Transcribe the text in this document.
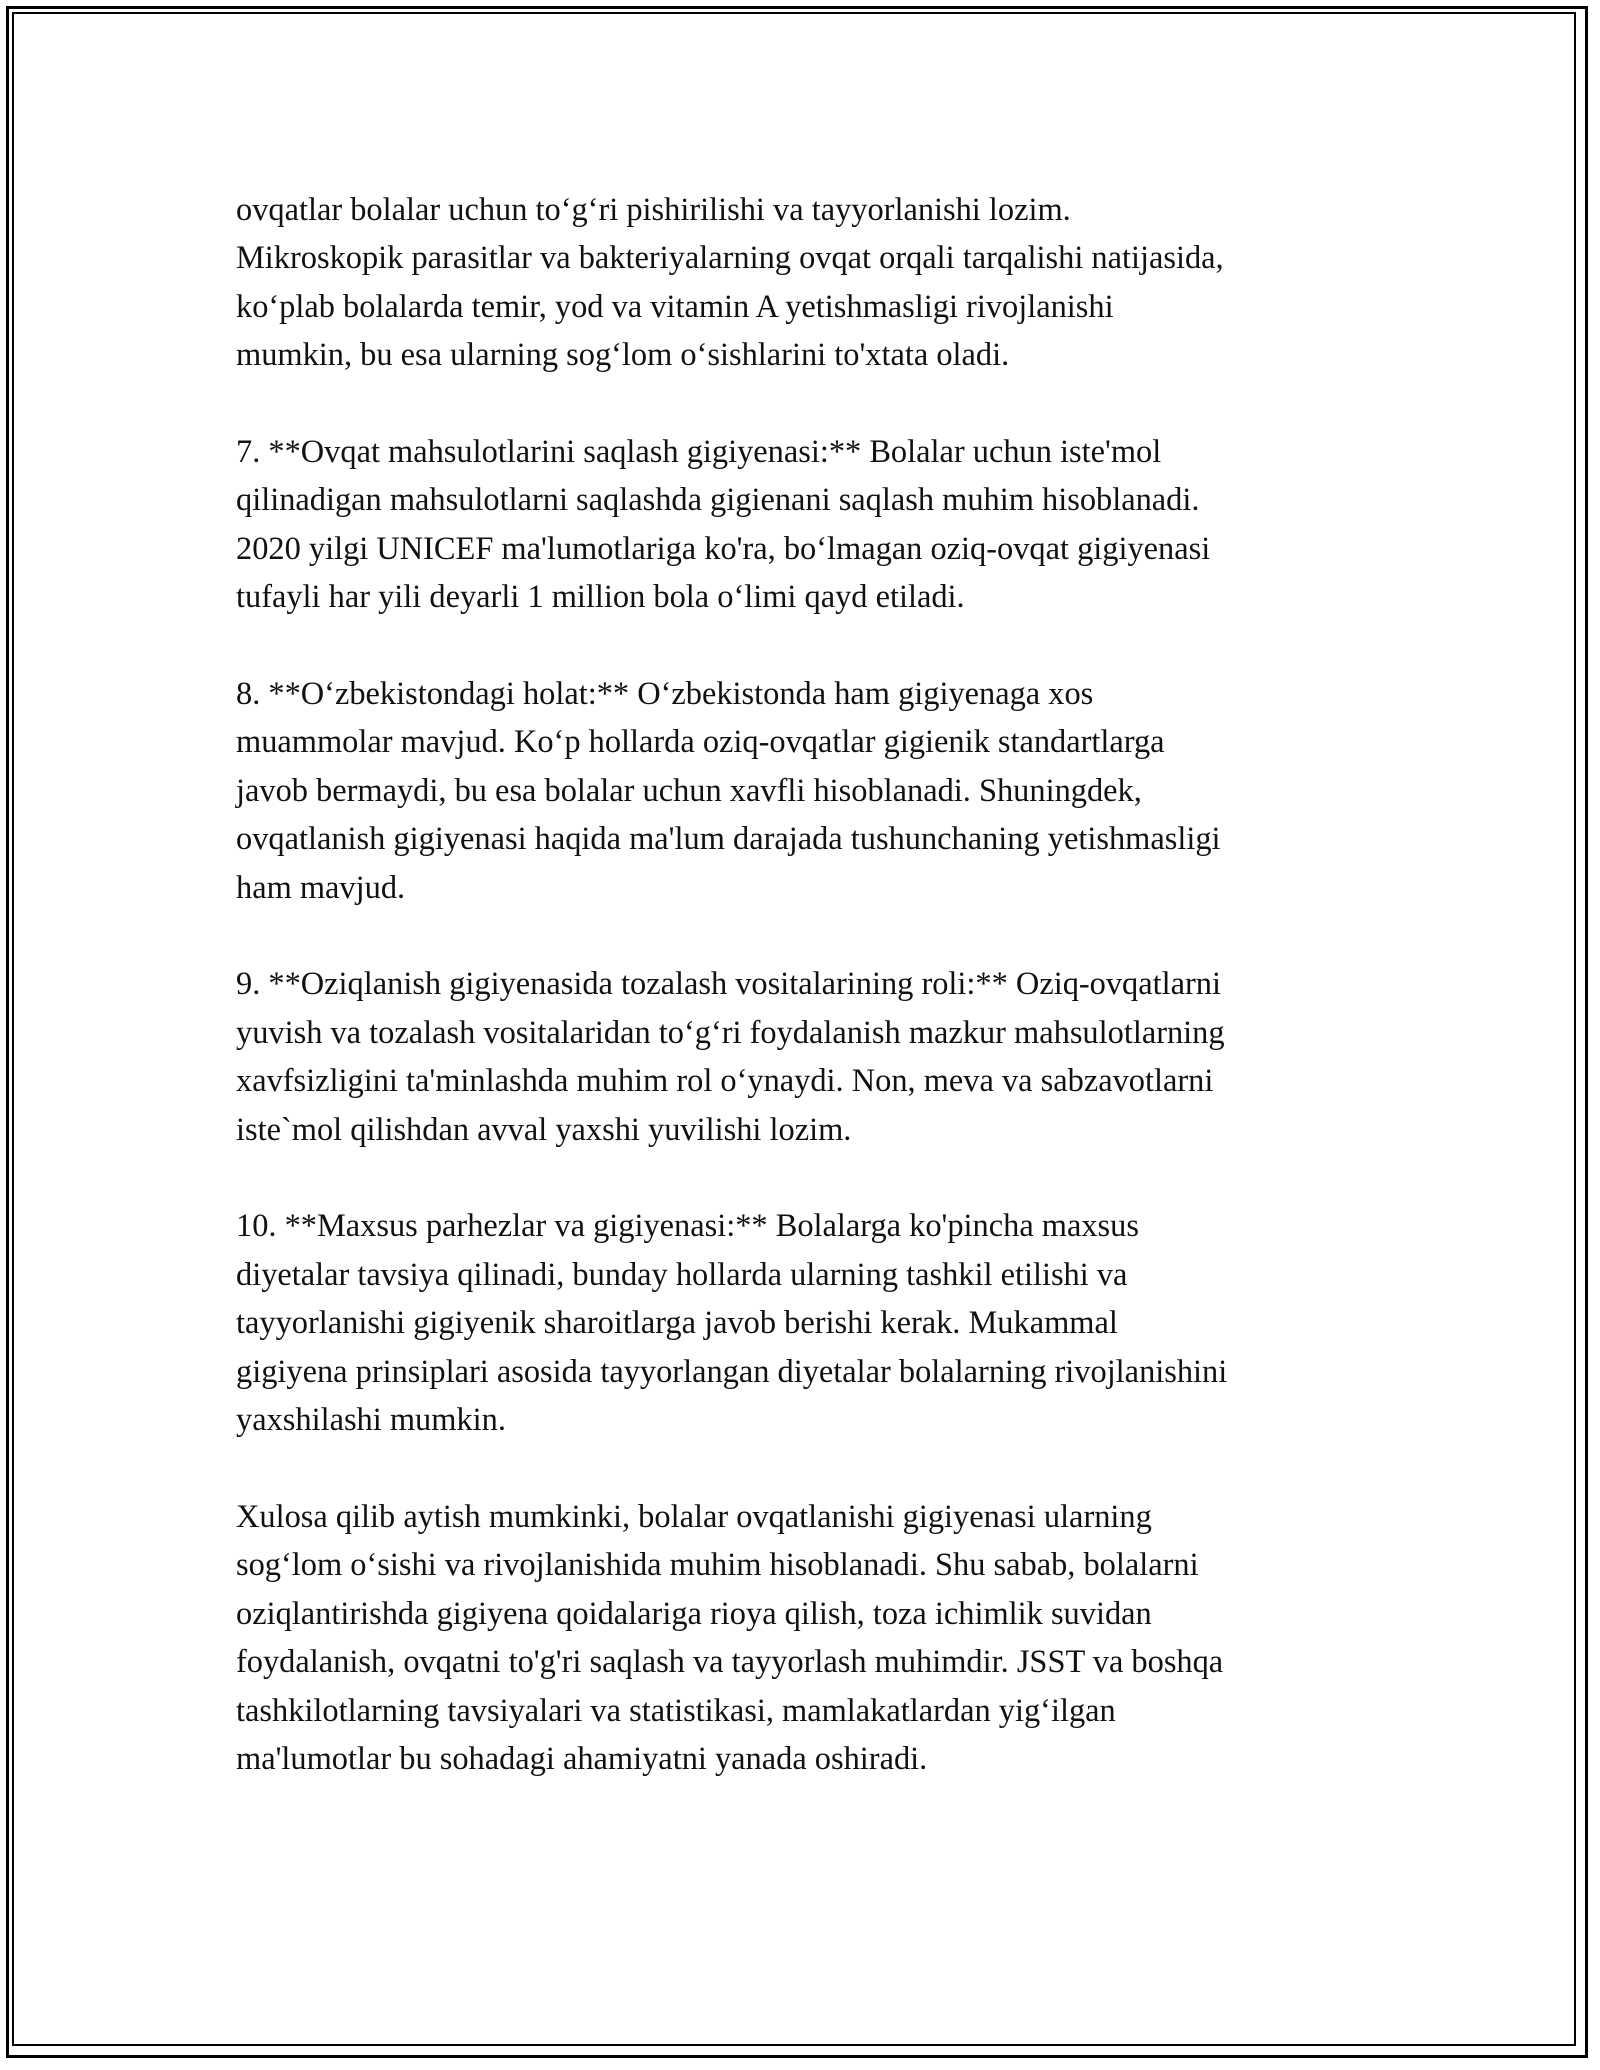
ovqatlar bolalar uchun to‘g‘ri pishirilishi va tayyorlanishi lozim.
Mikroskopik parasitlar va bakteriyalarning ovqat orqali tarqalishi natijasida,
ko‘plab bolalarda temir, yod va vitamin A yetishmasligi rivojlanishi
mumkin, bu esa ularning sog‘lom o‘sishlarini to'xtata oladi.

7. **Ovqat mahsulotlarini saqlash gigiyenasi:** Bolalar uchun iste'mol
qilinadigan mahsulotlarni saqlashda gigienani saqlash muhim hisoblanadi.
2020 yilgi UNICEF ma'lumotlariga ko'ra, bo‘lmagan oziq-ovqat gigiyenasi
tufayli har yili deyarli 1 million bola o‘limi qayd etiladi.

8. **O‘zbekistondagi holat:** O‘zbekistonda ham gigiyenaga xos
muammolar mavjud. Ko‘p hollarda oziq-ovqatlar gigienik standartlarga
javob bermaydi, bu esa bolalar uchun xavfli hisoblanadi. Shuningdek,
ovqatlanish gigiyenasi haqida ma'lum darajada tushunchaning yetishmasligi
ham mavjud.

9. **Oziqlanish gigiyenasida tozalash vositalarining roli:** Oziq-ovqatlarni
yuvish va tozalash vositalaridan to‘g‘ri foydalanish mazkur mahsulotlarning
xavfsizligini ta'minlashda muhim rol o‘ynaydi. Non, meva va sabzavotlarni
iste`mol qilishdan avval yaxshi yuvilishi lozim.

10. **Maxsus parhezlar va gigiyenasi:** Bolalarga ko'pincha maxsus
diyetalar tavsiya qilinadi, bunday hollarda ularning tashkil etilishi va
tayyorlanishi gigiyenik sharoitlarga javob berishi kerak. Mukammal
gigiyena prinsiplari asosida tayyorlangan diyetalar bolalarning rivojlanishini
yaxshilashi mumkin.

Xulosa qilib aytish mumkinki, bolalar ovqatlanishi gigiyenasi ularning
sog‘lom o‘sishi va rivojlanishida muhim hisoblanadi. Shu sabab, bolalarni
oziqlantirishda gigiyena qoidalariga rioya qilish, toza ichimlik suvidan
foydalanish, ovqatni to'g'ri saqlash va tayyorlash muhimdir. JSST va boshqa
tashkilotlarning tavsiyalari va statistikasi, mamlakatlardan yig‘ilgan
ma'lumotlar bu sohadagi ahamiyatni yanada oshiradi.
